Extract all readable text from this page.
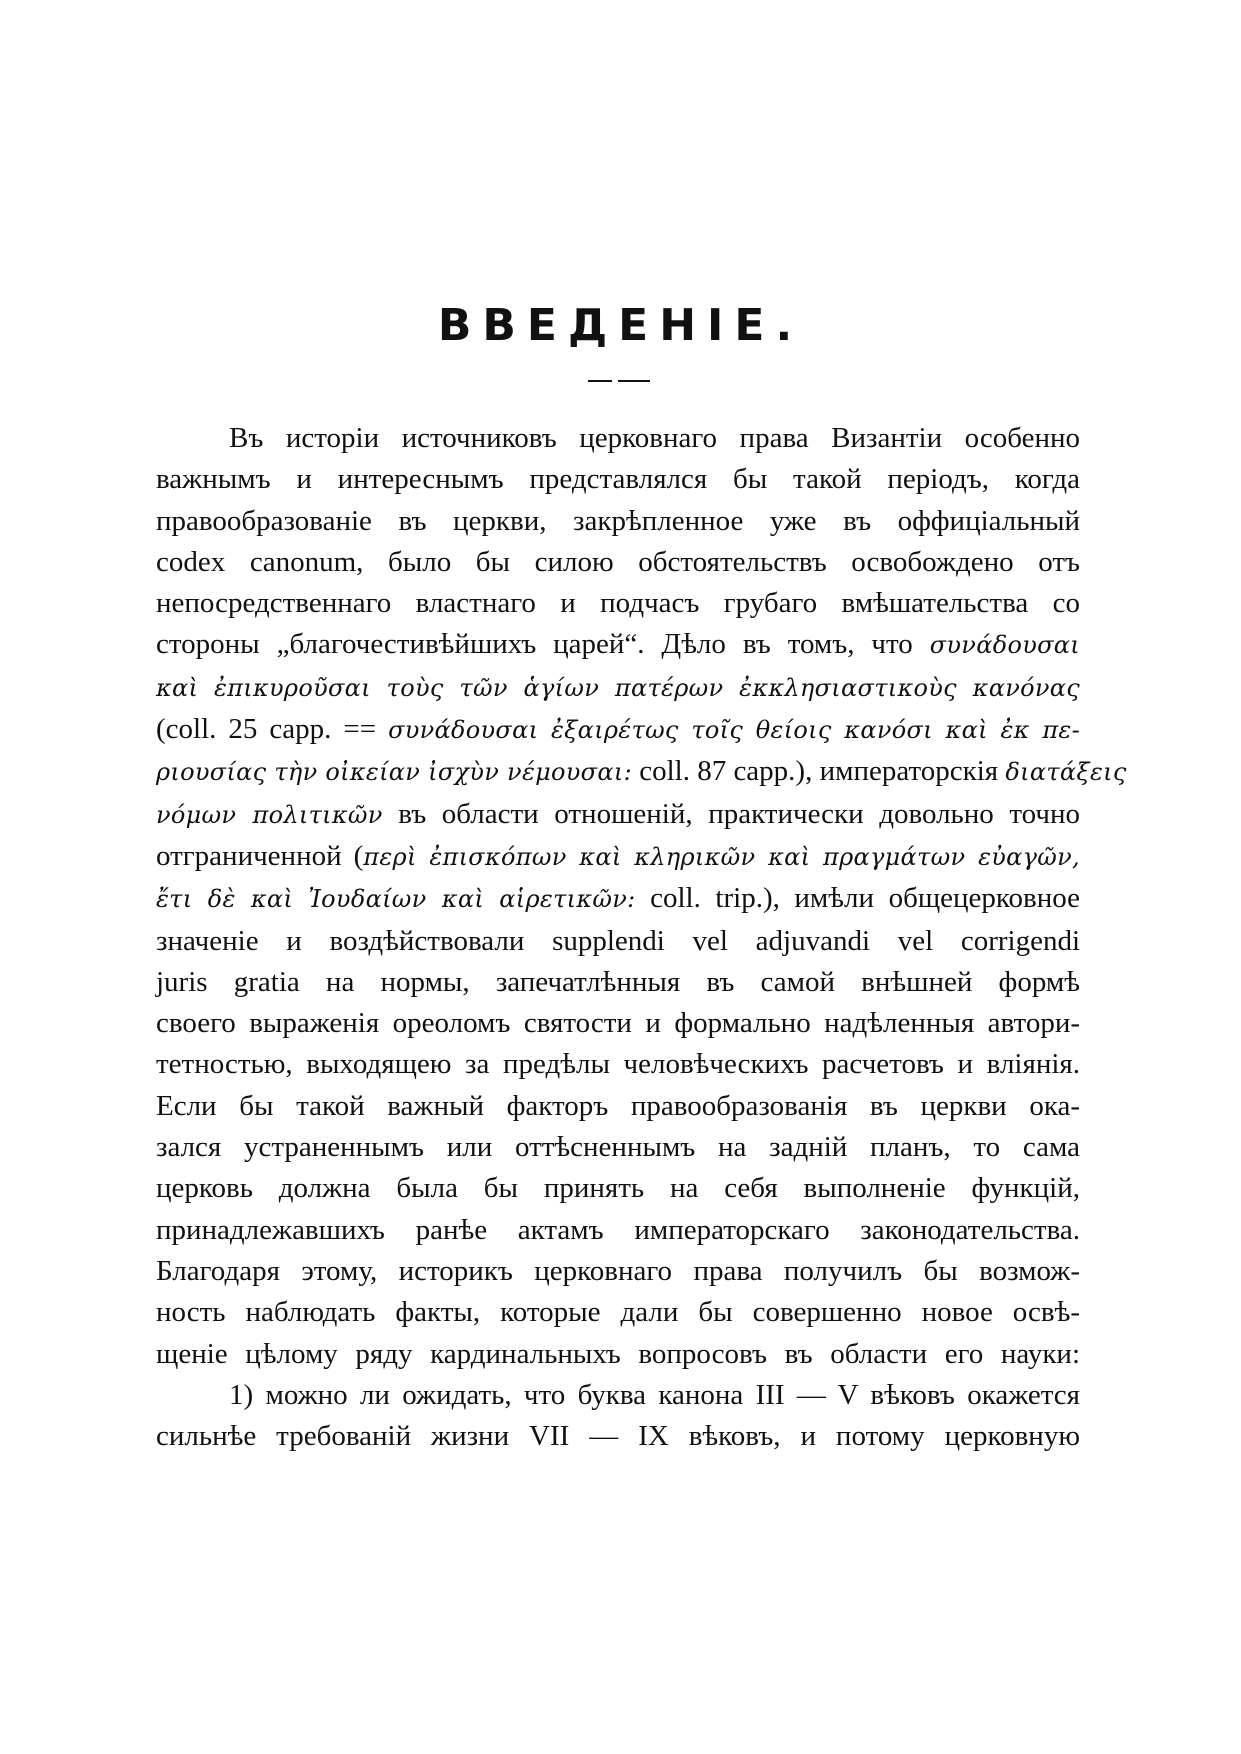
ВВЕДЕНІЕ.
Въ исторіи источниковъ церковнаго права Византіи особенно
важнымъ и интереснымъ представлялся бы такой періодъ, когда
правообразованіе въ церкви, закрѣпленное уже въ оффиціальный
codex canonum, было бы силою обстоятельствъ освобождено отъ
непосредственнаго властнаго и подчасъ грубаго вмѣшательства со
стороны „благочестивѣйшихъ царей“. Дѣло въ томъ, что συνάδουσαι
καὶ ἐπικυροῦσαι τοὺς τῶν ἁγίων πατέρων ἐκκλησιαστικοὺς κανόνας
(coll. 25 capp. == συνάδουσαι ἐξαιρέτως τοῖς θείοις κανόσι καὶ ἐκ πε-
ριουσίας τὴν οἰκείαν ἰσχὺν νέμουσαι: coll. 87 capp.), императорскія διατάξεις
νόμων πολιτικῶν въ области отношеній, практически довольно точно
отграниченной (περὶ ἐπισκόπων καὶ κληρικῶν καὶ πραγμάτων εὐαγῶν,
ἔτι δὲ καὶ Ἰουδαίων καὶ αἱρετικῶν: coll. trip.), имѣли общецерковное
значеніе и воздѣйствовали supplendi vel adjuvandi vel corrigendi
juris gratia на нормы, запечатлѣнныя въ самой внѣшней формѣ
своего выраженія ореоломъ святости и формально надѣленныя автори-
тетностью, выходящею за предѣлы человѣческихъ расчетовъ и вліянія.
Если бы такой важный факторъ правообразованія въ церкви ока-
зался устраненнымъ или оттѣсненнымъ на задній планъ, то сама
церковь должна была бы принять на себя выполненіе функцій,
принадлежавшихъ ранѣе актамъ императорскаго законодательства.
Благодаря этому, историкъ церковнаго права получилъ бы возмож-
ность наблюдать факты, которые дали бы совершенно новое освѣ-
щеніе цѣлому ряду кардинальныхъ вопросовъ въ области его науки:
1) можно ли ожидать, что буква канона III — V вѣковъ окажется
сильнѣе требованій жизни VII — IX вѣковъ, и потому церковную
